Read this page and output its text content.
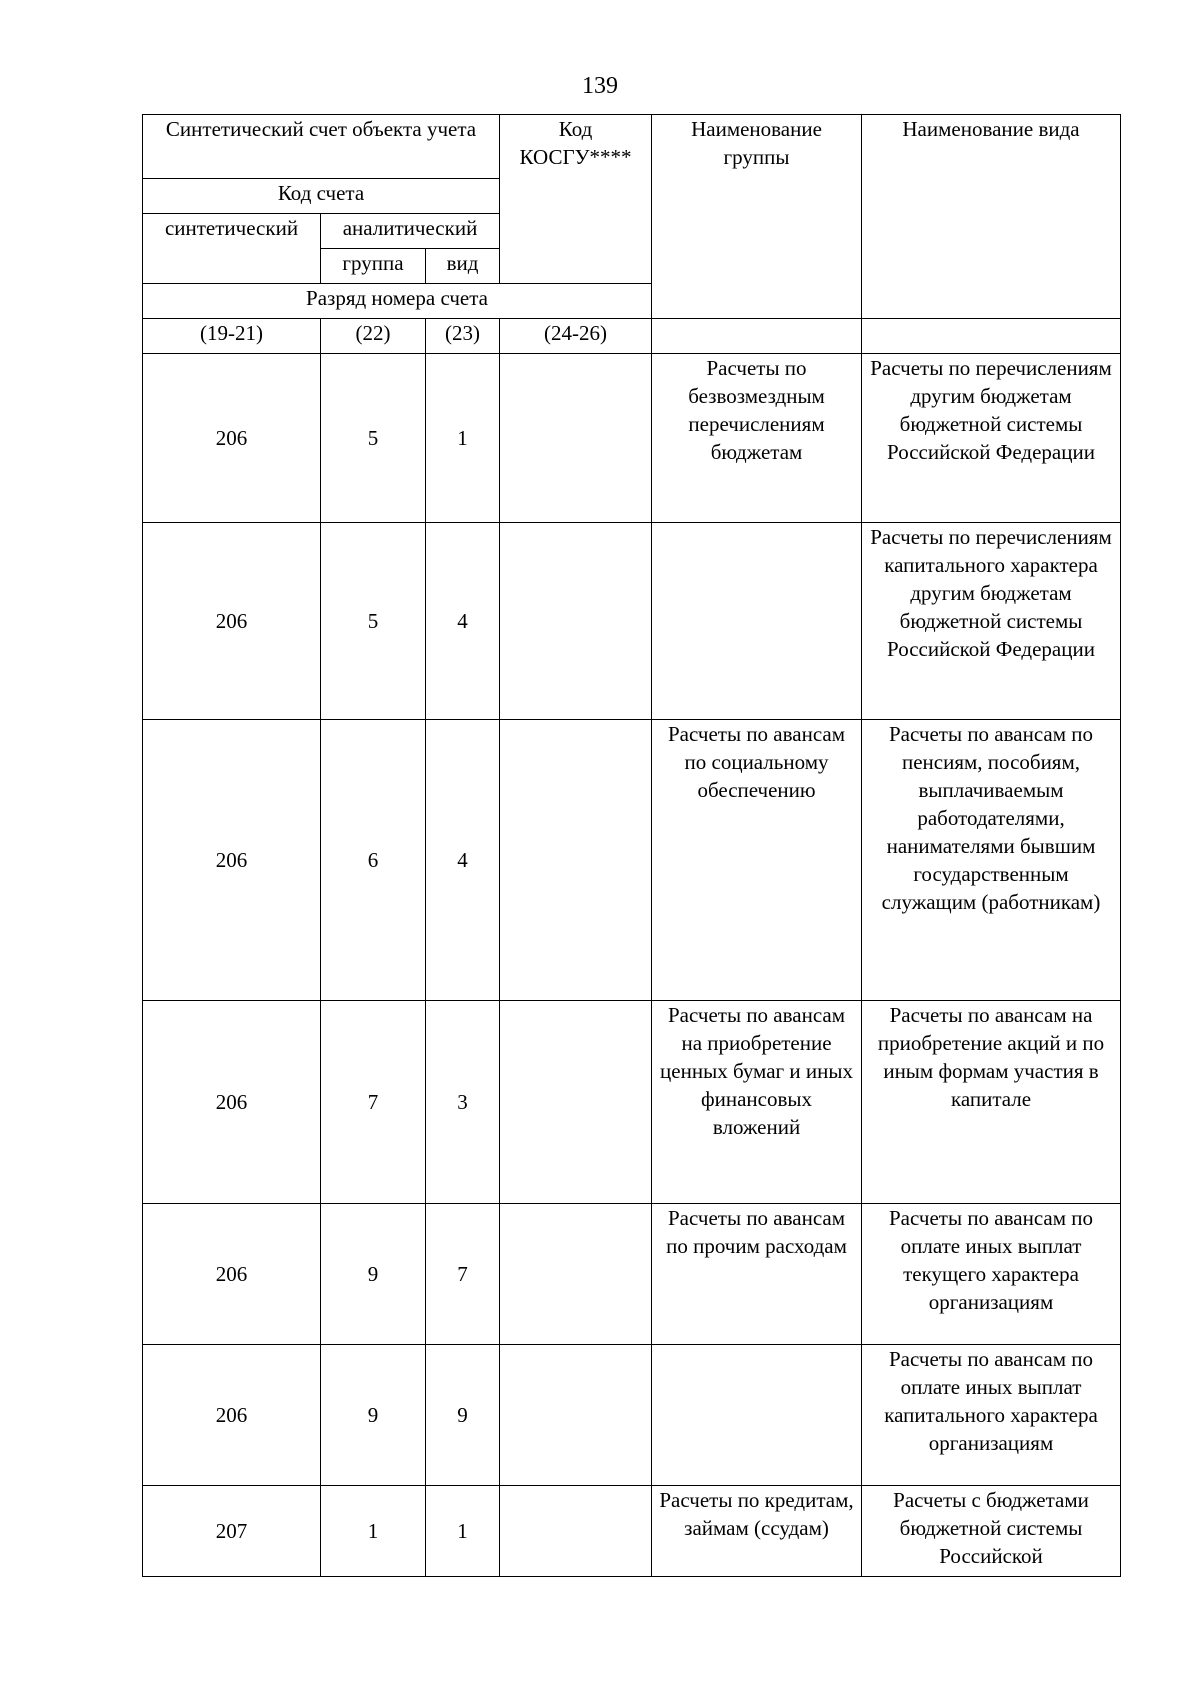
139
Синтетический счет объекта учета			Код КОСГУ****	Наименование группы	Наименование вида
Код счета					
синтетический	аналитический				
	группа	вид			
Разряд номера счета					
(19-21)	(22)	(23)	(24-26)		
206	5	1		Расчеты по безвозмездным перечислениям бюджетам	Расчеты по перечислениям другим бюджетам бюджетной системы Российской Федерации
206	5	4			Расчеты по перечислениям капитального характера другим бюджетам бюджетной системы Российской Федерации
206	6	4		Расчеты по авансам по социальному обеспечению	Расчеты по авансам по пенсиям, пособиям, выплачиваемым работодателями, нанимателями бывшим государственным служащим (работникам)
206	7	3		Расчеты по авансам на приобретение ценных бумаг и иных финансовых вложений	Расчеты по авансам на приобретение акций и по иным формам участия в капитале
206	9	7		Расчеты по авансам по прочим расходам	Расчеты по авансам по оплате иных выплат текущего характера организациям
206	9	9			Расчеты по авансам по оплате иных выплат капитального характера организациям
207	1	1		Расчеты по кредитам, займам (ссудам)	Расчеты с бюджетами бюджетной системы Российской
